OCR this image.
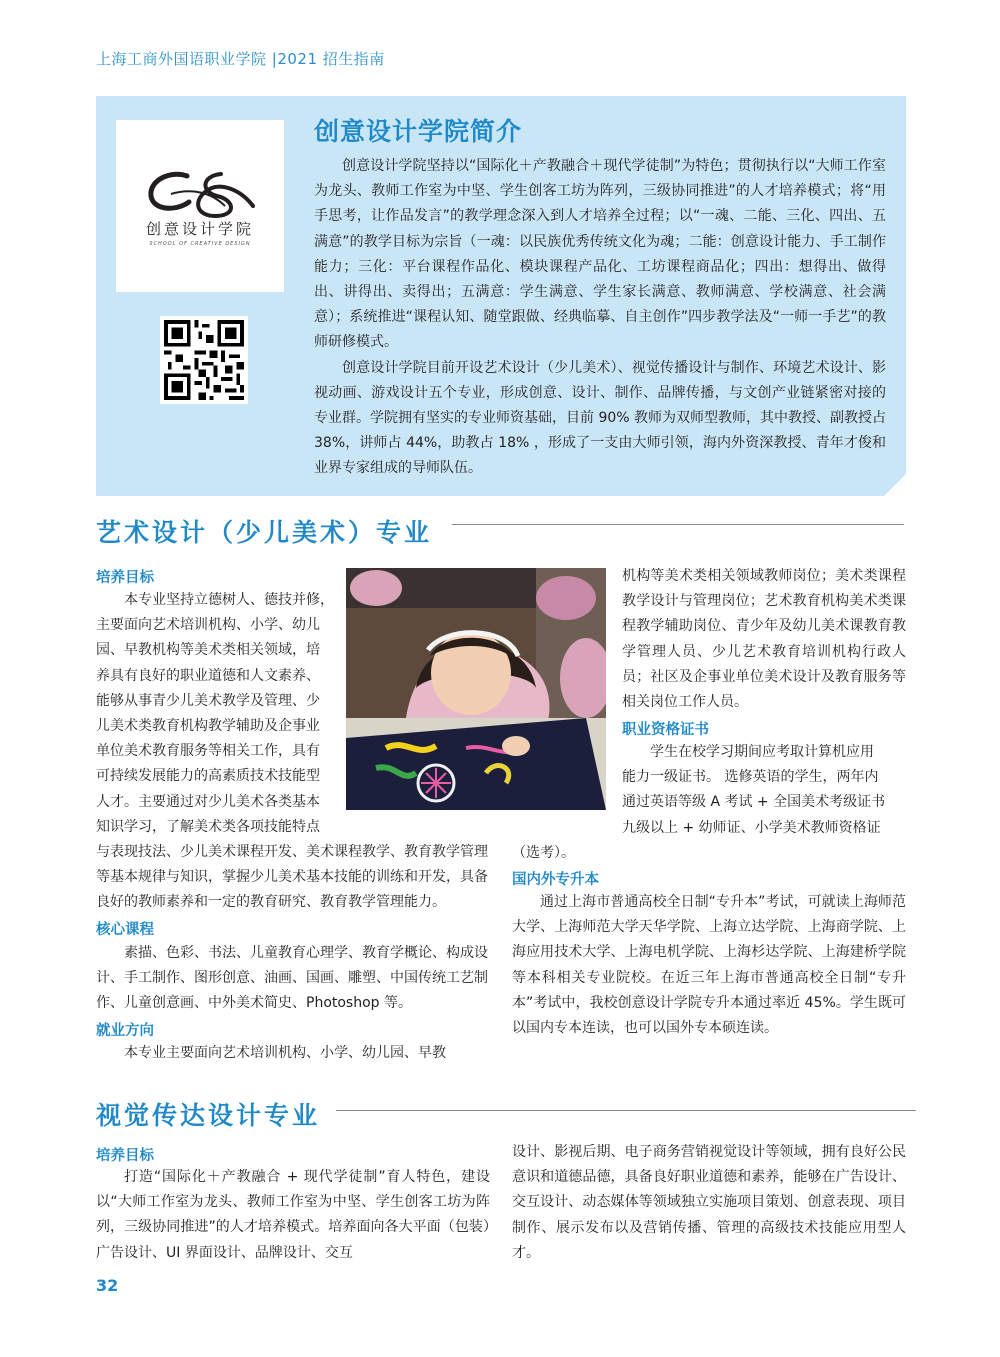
上海工商外国语职业学院 |2021 招生指南
创意设计学院
SCHOOL OF CREATIVE DESIGN
创意设计学院简介

创意设计学院坚持以“国际化＋产教融合＋现代学徒制”为特色；贯彻执行以“大师工作室为龙头、教师工作室为中坚、学生创客工坊为阵列，三级协同推进”的人才培养模式；将“用手思考，让作品发言”的教学理念深入到人才培养全过程；以“一魂、二能、三化、四出、五满意”的教学目标为宗旨（一魂：以民族优秀传统文化为魂；二能：创意设计能力、手工制作能力；三化：平台课程作品化、模块课程产品化、工坊课程商品化；四出：想得出、做得出、讲得出、卖得出；五满意：学生满意、学生家长满意、教师满意、学校满意、社会满意）；系统推进“课程认知、随堂跟做、经典临摹、自主创作”四步教学法及“一师一手艺”的教师研修模式。

创意设计学院目前开设艺术设计（少儿美术）、视觉传播设计与制作、环境艺术设计、影视动画、游戏设计五个专业，形成创意、设计、制作、品牌传播，与文创产业链紧密对接的专业群。学院拥有坚实的专业师资基础，目前 90% 教师为双师型教师，其中教授、副教授占 38%，讲师占 44%，助教占 18% ，形成了一支由大师引领，海内外资深教授、青年才俊和业界专家组成的导师队伍。

艺术设计（少儿美术）专业
培养目标
本专业坚持立德树人、德技并修，
主要面向艺术培训机构、小学、幼儿
园、早教机构等美术类相关领域，培
养具有良好的职业道德和人文素养、
能够从事青少儿美术教学及管理、少
儿美术类教育机构教学辅助及企事业
单位美术教育服务等相关工作，具有
可持续发展能力的高素质技术技能型
人才。主要通过对少儿美术各类基本
知识学习，了解美术类各项技能特点
与表现技法、少儿美术课程开发、美术课程教学、教育教学管理等基本规律与知识，掌握少儿美术基本技能的训练和开发，具备良好的教师素养和一定的教育研究、教育教学管理能力。
素描、色彩、书法、儿童教育心理学、教育学概论、构成设计、手工制作、图形创意、油画、国画、雕塑、中国传统工艺制作、儿童创意画、中外美术简史、Photoshop 等。
核心课程
就业方向
本专业主要面向艺术培训机构、小学、幼儿园、早教
机构等美术类相关领域教师岗位；美术类课程教学设计与管理岗位；艺术教育机构美术类课程教学辅助岗位、青少年及幼儿美术课教育教学管理人员、少儿艺术教育培训机构行政人员；社区及企事业单位美术设计及教育服务等相关岗位工作人员。
职业资格证书
学生在校学习期间应考取计算机应用
能力一级证书。 选修英语的学生，两年内
通过英语等级 A 考试 + 全国美术考级证书
九级以上 + 幼师证、小学美术教师资格证
（选考）。
国内外专升本
通过上海市普通高校全日制“专升本”考试，可就读上海师范大学、上海师范大学天华学院、上海立达学院、上海商学院、上海应用技术大学、上海电机学院、上海杉达学院、上海建桥学院等本科相关专业院校。在近三年上海市普通高校全日制“专升本”考试中，我校创意设计学院专升本通过率近 45%。学生既可以国内专本连读，也可以国外专本硕连读。
视觉传达设计专业
培养目标
打造“国际化＋产教融合 + 现代学徒制”育人特色，建设以“大师工作室为龙头、教师工作室为中坚、学生创客工坊为阵列，三级协同推进”的人才培养模式。培养面向各大平面（包装）广告设计、UI 界面设计、品牌设计、交互
设计、影视后期、电子商务营销视觉设计等领域，拥有良好公民意识和道德品德，具备良好职业道德和素养，能够在广告设计、交互设计、动态媒体等领域独立实施项目策划、创意表现、项目制作、展示发布以及营销传播、管理的高级技术技能应用型人才。
32
